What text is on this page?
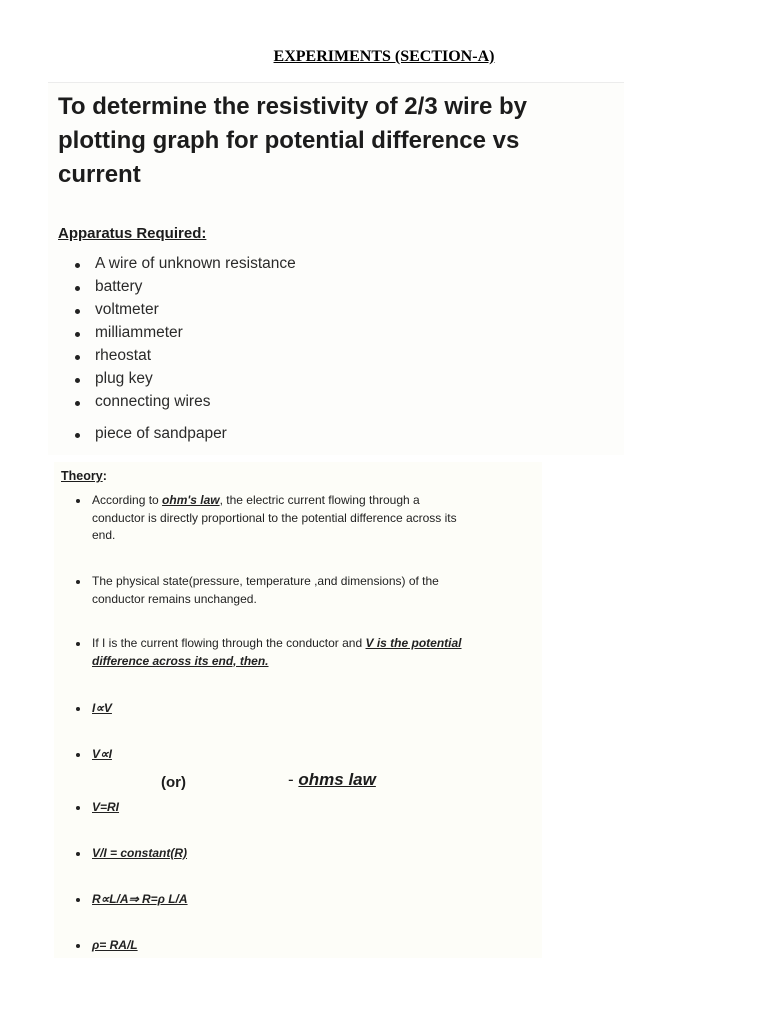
EXPERIMENTS (SECTION-A)
To determine the resistivity of 2/3 wire by plotting graph for potential difference vs current
Apparatus Required:
A wire of unknown resistance
battery
voltmeter
milliammeter
rheostat
plug key
connecting wires
piece of sandpaper
Theory:
According to ohm's law, the electric current flowing through a
conductor is directly proportional to the potential difference across its
end.
The physical state(pressure, temperature ,and dimensions) of the
conductor remains unchanged.
If I is the current flowing through the conductor and V is the potential
difference across its end, then.
I∝V
V∝I
(or)	- ohms law
V=RI
V/I = constant(R)
R∝L/A⇒ R=ρ L/A
ρ= RA/L
